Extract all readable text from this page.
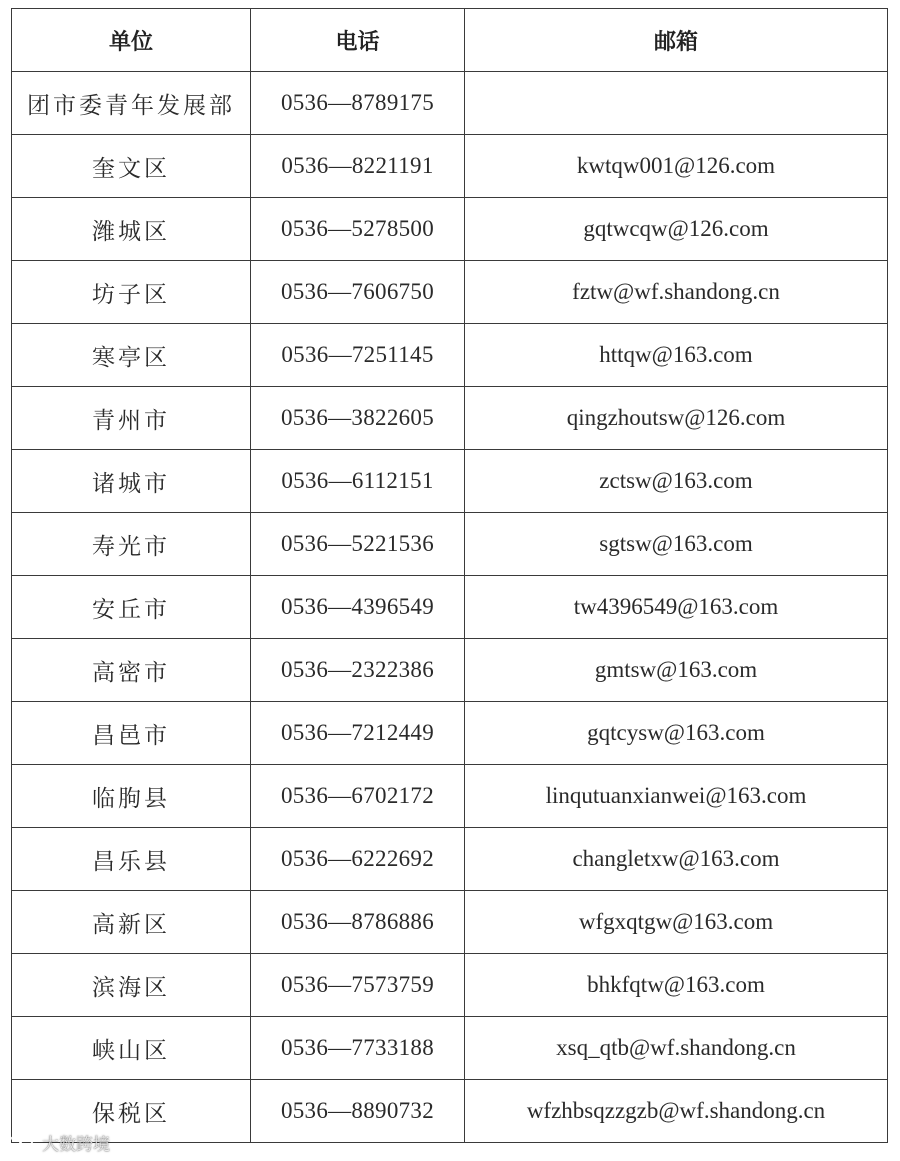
单位	电话	邮箱
团市委青年发展部	0536—8789175	
奎文区	0536—8221191	kwtqw001@126.com
潍城区	0536—5278500	gqtwcqw@126.com
坊子区	0536—7606750	fztw@wf.shandong.cn
寒亭区	0536—7251145	httqw@163.com
青州市	0536—3822605	qingzhoutsw@126.com
诸城市	0536—6112151	zctsw@163.com
寿光市	0536—5221536	sgtsw@163.com
安丘市	0536—4396549	tw4396549@163.com
高密市	0536—2322386	gmtsw@163.com
昌邑市	0536—7212449	gqtcysw@163.com
临朐县	0536—6702172	linqutuanxianwei@163.com
昌乐县	0536—6222692	changletxw@163.com
高新区	0536—8786886	wfgxqtgw@163.com
滨海区	0536—7573759	bhkfqtw@163.com
峡山区	0536—7733188	xsq_qtb@wf.shandong.cn
保税区	0536—8890732	wfzhbsqzzgzb@wf.shandong.cn
大数跨境
